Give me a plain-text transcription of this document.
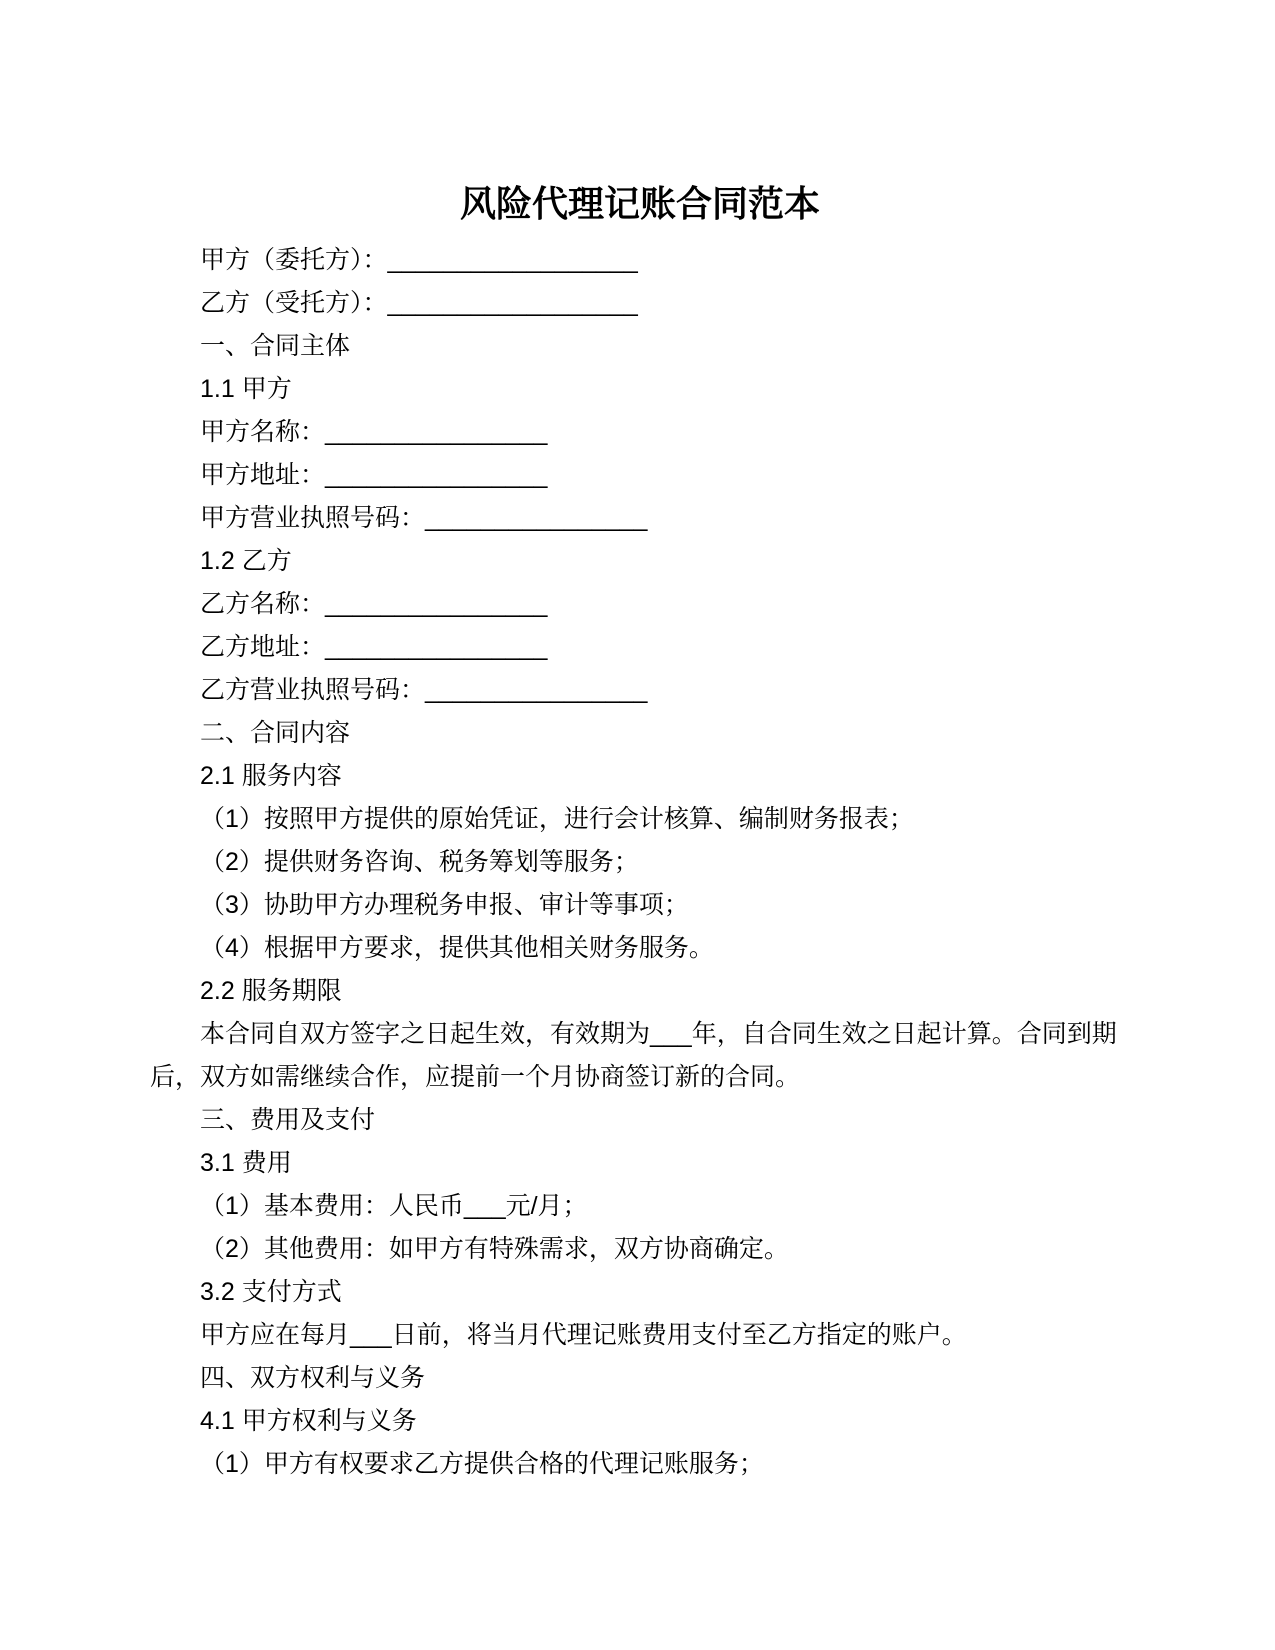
风险代理记账合同范本

甲方（委托方）：__________________

乙方（受托方）：__________________

一、合同主体

1.1 甲方

甲方名称：________________

甲方地址：________________

甲方营业执照号码：________________

1.2 乙方

乙方名称：________________

乙方地址：________________

乙方营业执照号码：________________

二、合同内容

2.1 服务内容

（1）按照甲方提供的原始凭证，进行会计核算、编制财务报表；

（2）提供财务咨询、税务筹划等服务；

（3）协助甲方办理税务申报、审计等事项；

（4）根据甲方要求，提供其他相关财务服务。

2.2 服务期限

本合同自双方签字之日起生效，有效期为___年，自合同生效之日起计算。合同到期后，双方如需继续合作，应提前一个月协商签订新的合同。

三、费用及支付

3.1 费用

（1）基本费用：人民币___元/月；

（2）其他费用：如甲方有特殊需求，双方协商确定。

3.2 支付方式

甲方应在每月___日前，将当月代理记账费用支付至乙方指定的账户。

四、双方权利与义务

4.1 甲方权利与义务

（1）甲方有权要求乙方提供合格的代理记账服务；
